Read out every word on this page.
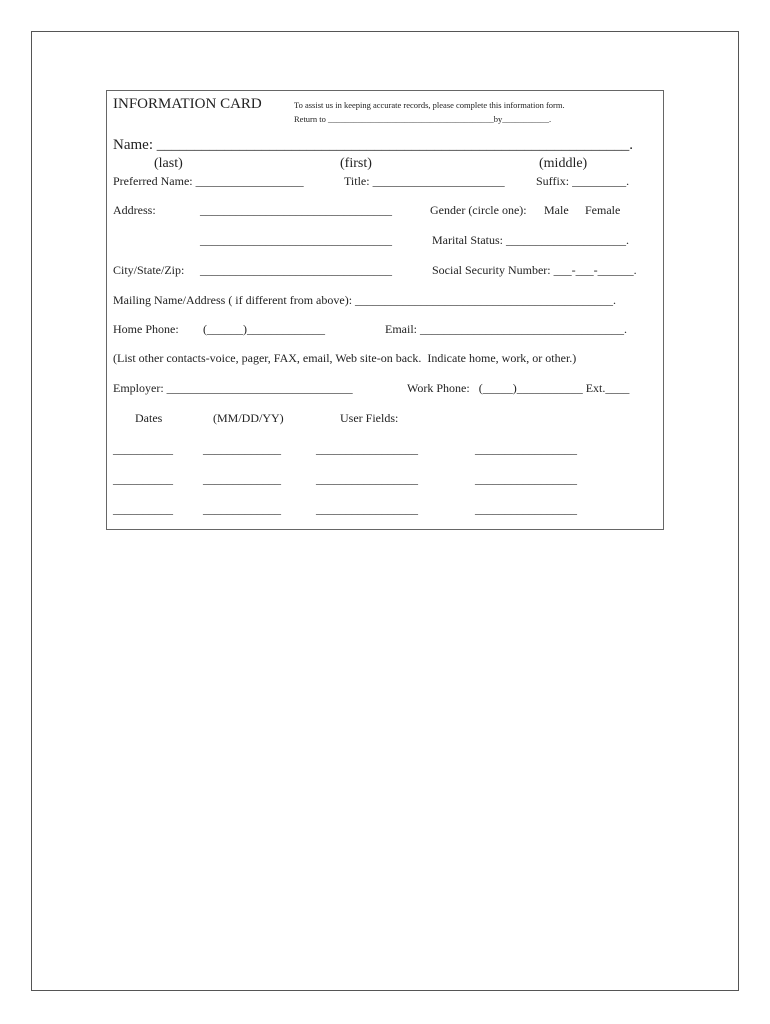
INFORMATION CARD	To assist us in keeping accurate records, please complete this information form.
Return to _______________________________________by___________.
Name: _______________________________________________________________.
(last)	(first)	(middle)
Preferred Name: __________________	Title: ______________________	Suffix: _________.
Address:	________________________________	Gender (circle one): Male Female
________________________________	Marital Status: ____________________.
City/State/Zip: ________________________________	Social Security Number: ___-___-______.
Mailing Name/Address ( if different from above): ___________________________________________.
Home Phone: (______)_____________	Email: __________________________________.
(List other contacts-voice, pager, FAX, email, Web site-on back.  Indicate home, work, or other.)
Employer: _______________________________	Work Phone:   (_____)___________ Ext.____
Dates	(MM/DD/YY)	User Fields:
__________	_____________	_________________	_________________
__________	_____________	_________________	_________________
__________	_____________	_________________	_________________
